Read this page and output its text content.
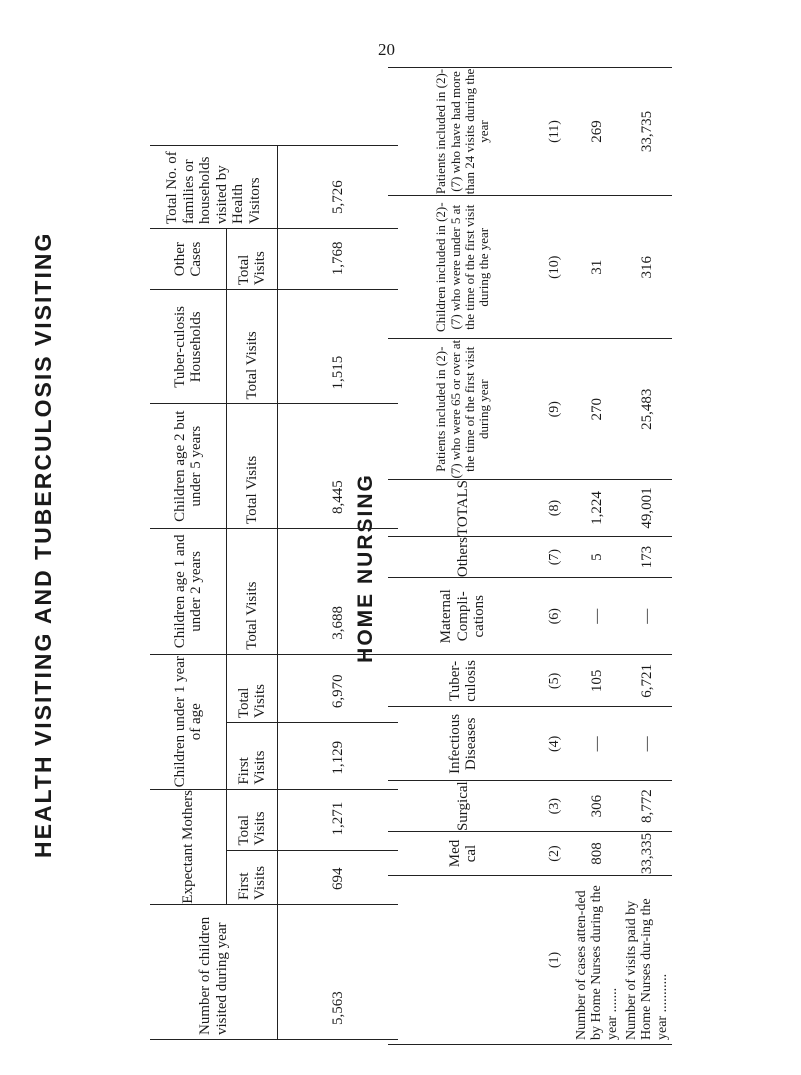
HEALTH VISITING AND TUBERCULOSIS VISITING	HOME NURSING
20
Number of children visited during year	Expectant Mothers		Children under 1 year of age		Children age 1 and under 2 years	Children age 2 but under 5 years	Tuber-culosis Households	Other Cases	Total No. of families or households visited by Health Visitors
	First Visits	Total Visits	First Visits	Total Visits	Total Visits	Total Visits	Total Visits	Total Visits	
5,563	694	1,271	1,129	6,970	3,688	8,445	1,515	1,768	5,726
	Med cal	Surgical	Infectious Diseases	Tuber-culosis	Maternal Compli-cations	Others	TOTALS	Patients included in (2)-(7) who were 65 or over at the time of the first visit during year	Children included in (2)-(7) who were under 5 at the time of the first visit during the year	Patients included in (2)-(7) who have had more than 24 visits during the year
(1)	(2)	(3)	(4)	(5)	(6)	(7)	(8)	(9)	(10)	(11)
Number of cases atten-ded by Home Nurses during the year .......	808	306	—	105	—	5	1,224	270	31	269
Number of visits paid by Home Nurses dur-ing the year ...........	33,335	8,772	—	6,721	—	173	49,001	25,483	316	33,735
